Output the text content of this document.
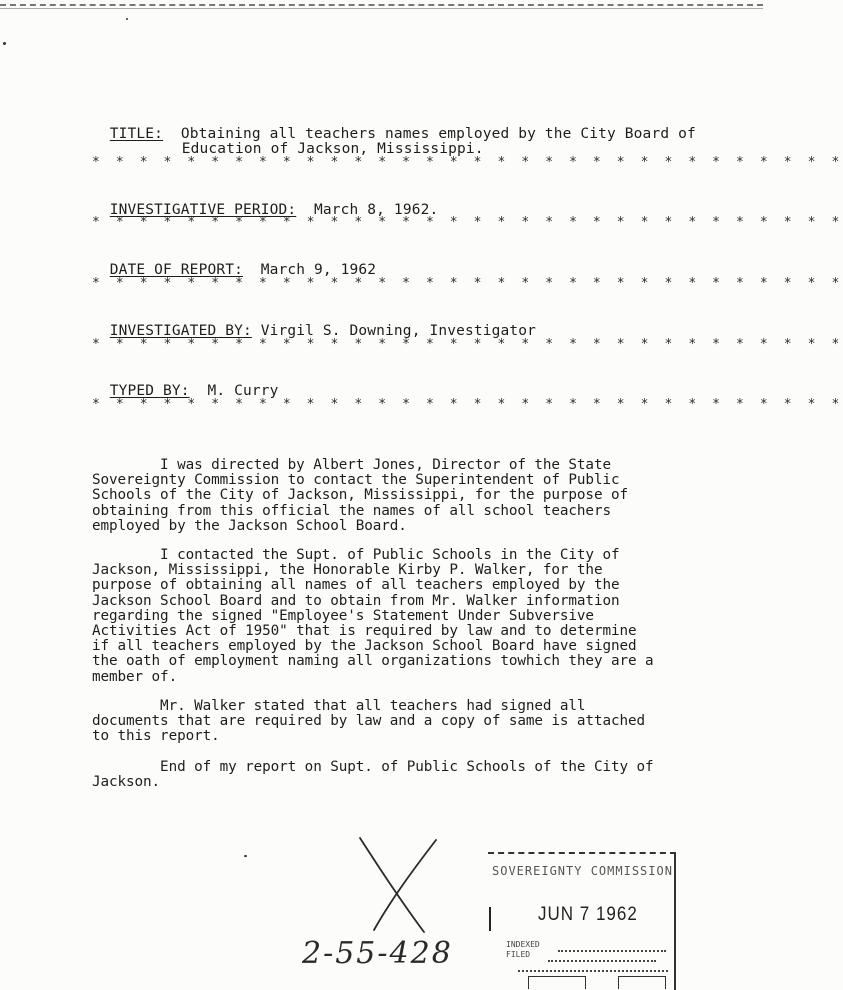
TITLE: Obtaining all teachers names employed by the City Board of

Education of Jackson, Mississippi.

* * * * * * * * * * * * * * * * * * * * * * * * * * * * * * * *

INVESTIGATIVE PERIOD: March 8, 1962.

* * * * * * * * * * * * * * * * * * * * * * * * * * * * * * * *

DATE OF REPORT: March 9, 1962

* * * * * * * * * * * * * * * * * * * * * * * * * * * * * * * *

INVESTIGATED BY: Virgil S. Downing, Investigator

* * * * * * * * * * * * * * * * * * * * * * * * * * * * * * * *

TYPED BY: M. Curry

* * * * * * * * * * * * * * * * * * * * * * * * * * * * * * * *
I was directed by Albert Jones, Director of the State
Sovereignty Commission to contact the Superintendent of Public
Schools of the City of Jackson, Mississippi, for the purpose of
obtaining from this official the names of all school teachers
employed by the Jackson School Board.
I contacted the Supt. of Public Schools in the City of
Jackson, Mississippi, the Honorable Kirby P. Walker, for the
purpose of obtaining all names of all teachers employed by the
Jackson School Board and to obtain from Mr. Walker information
regarding the signed "Employee's Statement Under Subversive
Activities Act of 1950" that is required by law and to determine
if all teachers employed by the Jackson School Board have signed
the oath of employment naming all organizations towhich they are a
member of.
Mr. Walker stated that all teachers had signed all
documents that are required by law and a copy of same is attached
to this report.
End of my report on Supt. of Public Schools of the City of
Jackson.
2-55-428
SOVEREIGNTY COMMISSION
JUN 7 1962
INDEXED
FILED
